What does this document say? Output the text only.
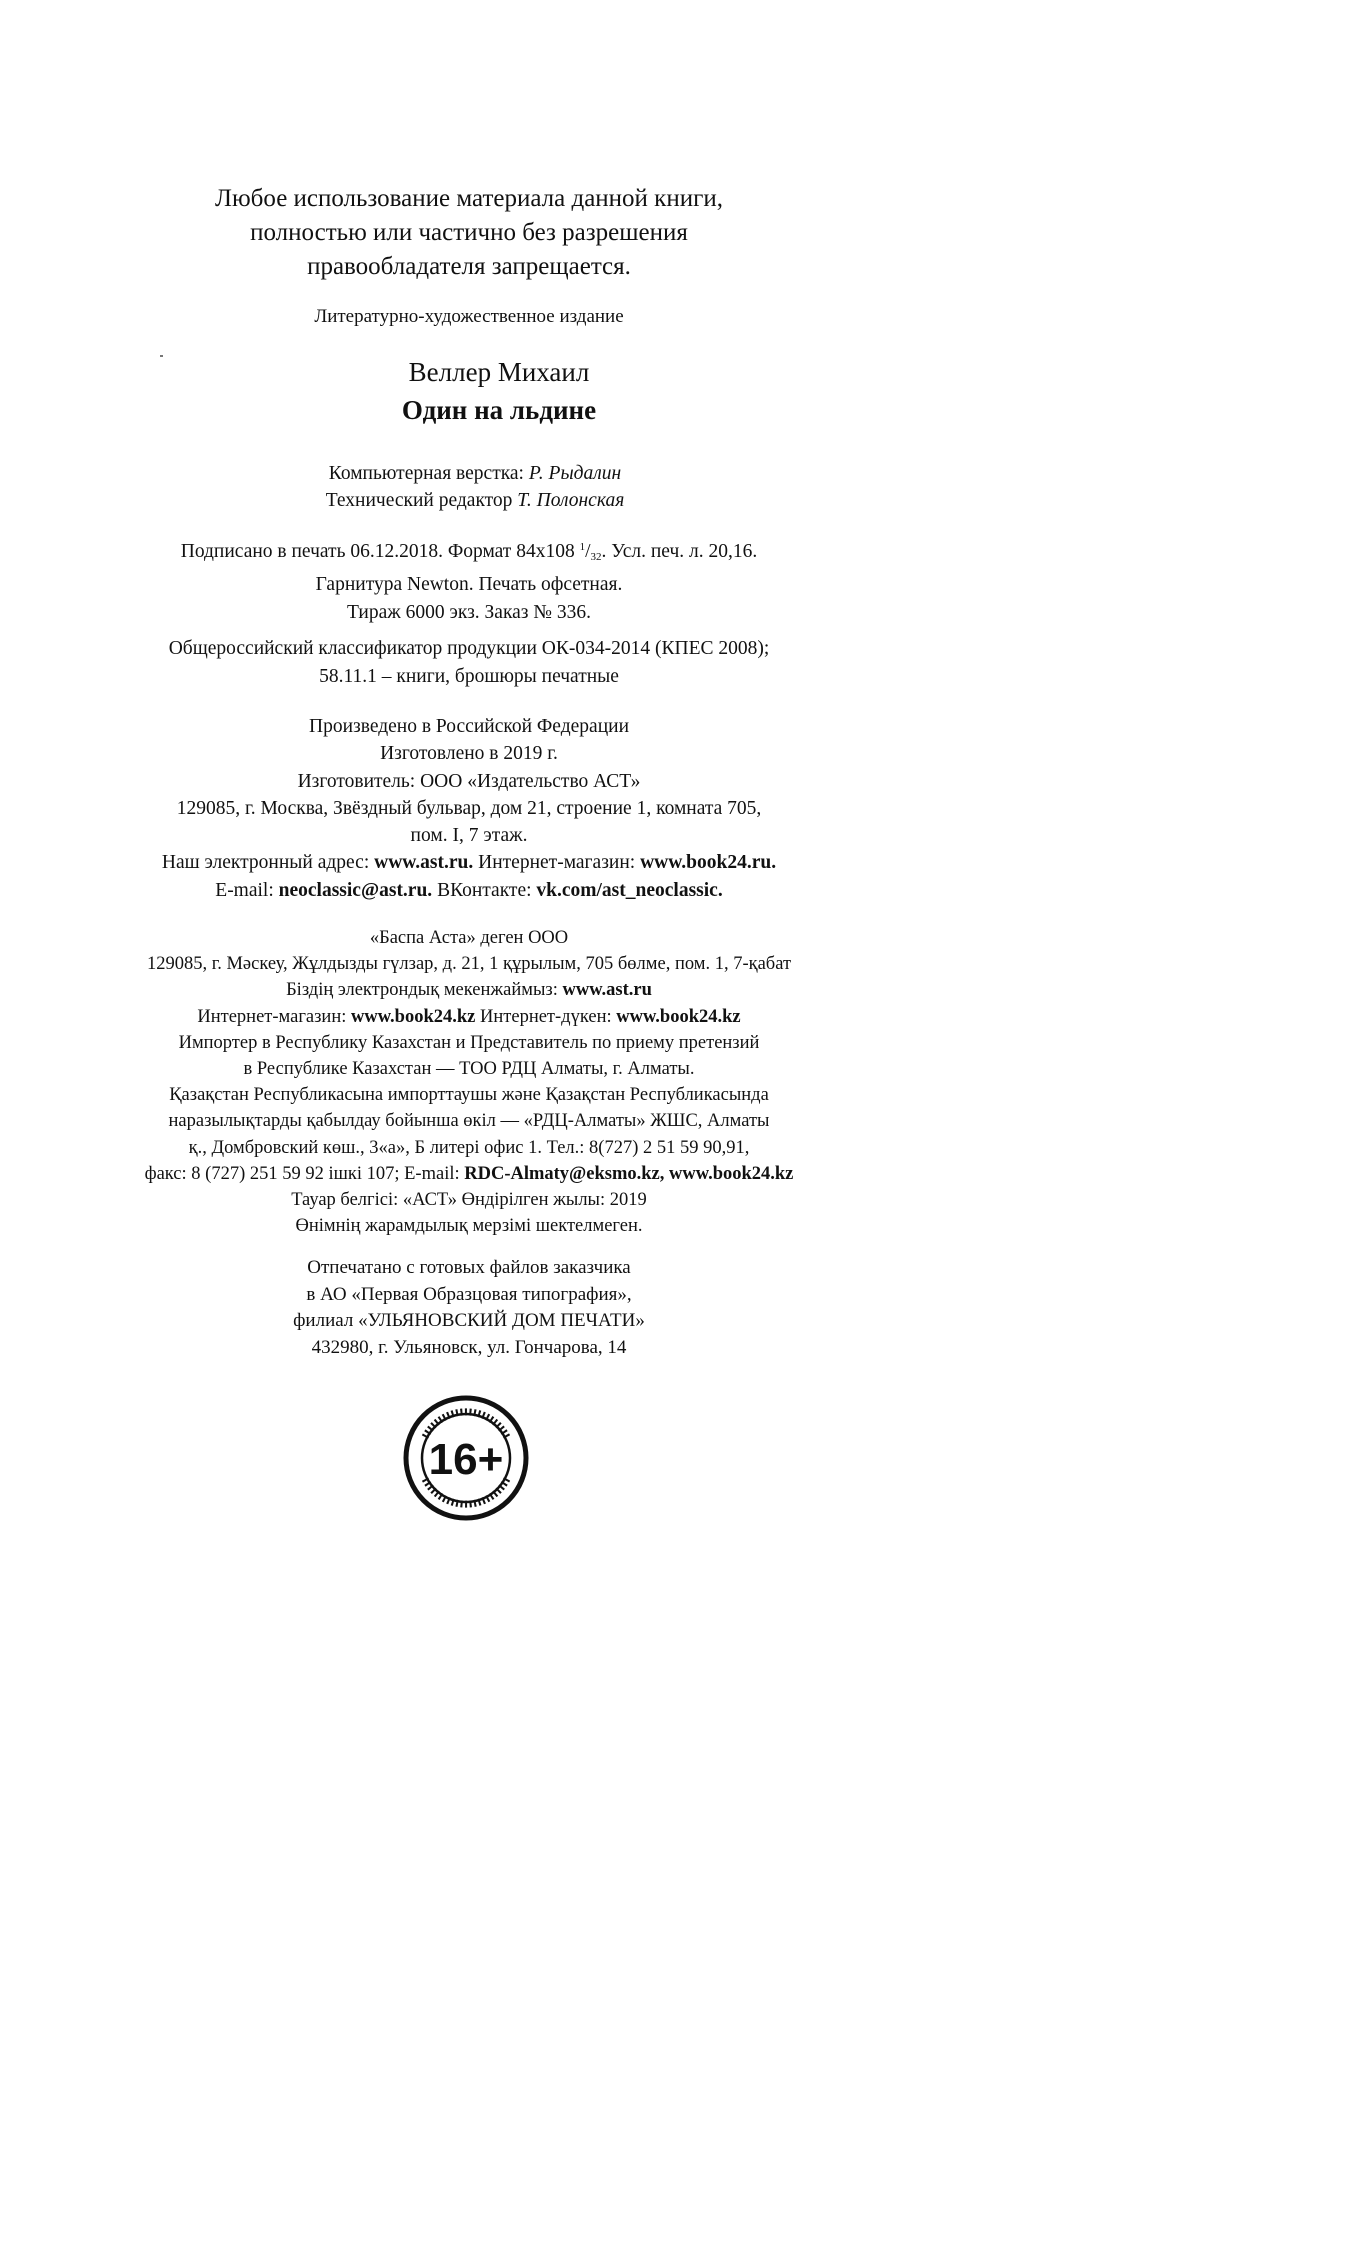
Любое использование материала данной книги,
полностью или частично без разрешения
правообладателя запрещается.
Литературно-художественное издание
Веллер Михаил
Один на льдине
Компьютерная верстка: Р. Рыдалин
Технический редактор Т. Полонская
Подписано в печать 06.12.2018. Формат 84x108 $^1/_{32}$. Усл. печ. л. 20,16.
Гарнитура Newton. Печать офсетная.
Тираж 6000 экз. Заказ № 336.
Общероссийский классификатор продукции ОК-034-2014 (КПЕС 2008);
58.11.1 – книги, брошюры печатные
Произведено в Российской Федерации
Изготовлено в 2019 г.
Изготовитель: ООО «Издательство АСТ»
129085, г. Москва, Звёздный бульвар, дом 21, строение 1, комната 705,
пом. I, 7 этаж.
Наш электронный адрес: www.ast.ru. Интернет-магазин: www.book24.ru.
E-mail: neoclassic@ast.ru. ВКонтакте: vk.com/ast_neoclassic.
«Баспа Аста» деген ООО
129085, г. Мәскеу, Жұлдызды гүлзар, д. 21, 1 құрылым, 705 бөлме, пом. 1, 7-қабат
Біздің электрондық мекенжаймыз: www.ast.ru
Интернет-магазин: www.book24.kz Интернет-дүкен: www.book24.kz
Импортер в Республику Казахстан и Представитель по приему претензий
в Республике Казахстан — ТОО РДЦ Алматы, г. Алматы.
Қазақстан Республикасына импорттаушы және Қазақстан Республикасында
наразылықтарды қабылдау бойынша өкіл — «РДЦ-Алматы» ЖШС, Алматы
қ., Домбровский көш., 3«а», Б литері офис 1. Тел.: 8(727) 2 51 59 90,91,
факс: 8 (727) 251 59 92 ішкі 107; E-mail: RDC-Almaty@eksmo.kz, www.book24.kz
Тауар белгісі: «АСТ» Өндірілген жылы: 2019
Өнімнің жарамдылық мерзімі шектелмеген.
Отпечатано с готовых файлов заказчика
в АО «Первая Образцовая типография»,
филиал «УЛЬЯНОВСКИЙ ДОМ ПЕЧАТИ»
432980, г. Ульяновск, ул. Гончарова, 14
16+
